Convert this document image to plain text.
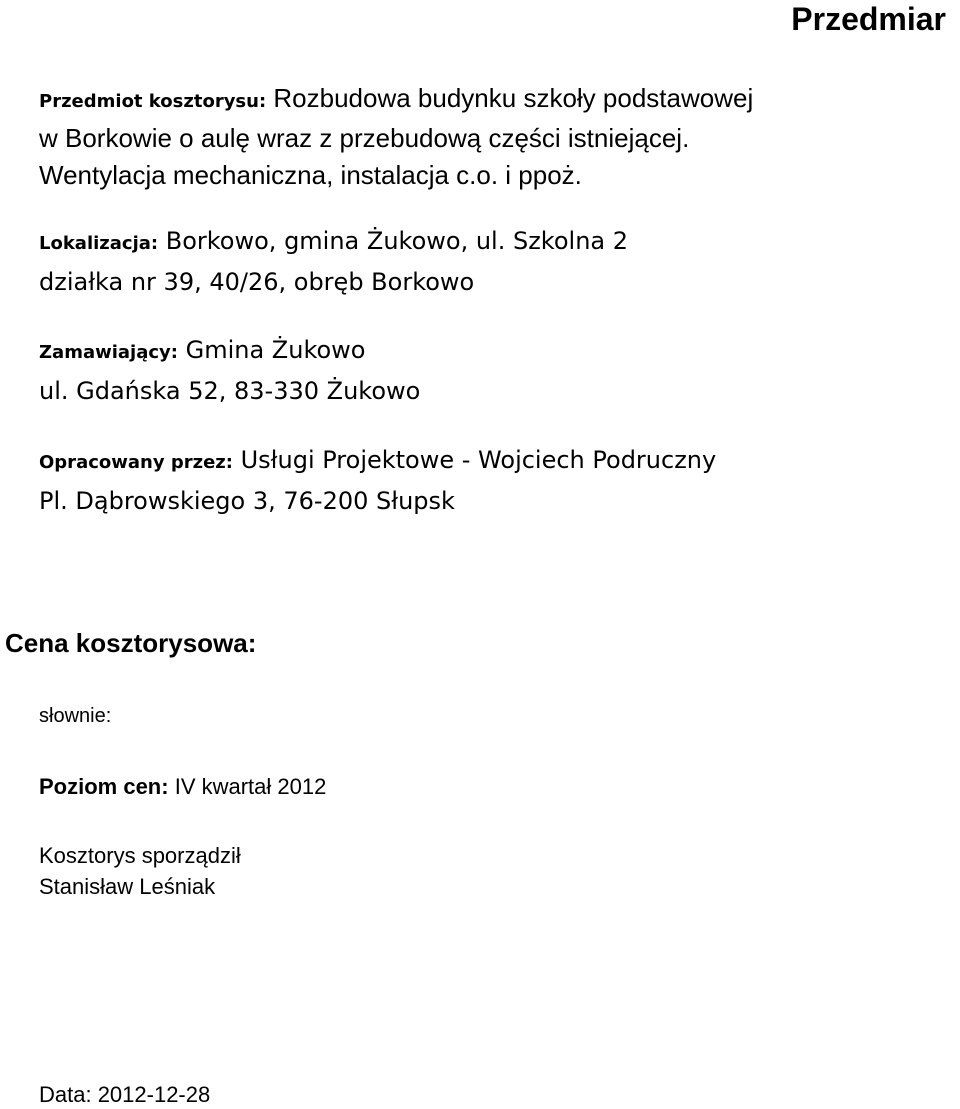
Przedmiar
Przedmiot kosztorysu: Rozbudowa budynku szkoły podstawowej
w Borkowie o aulę wraz z przebudową części istniejącej.
Wentylacja mechaniczna, instalacja c.o. i ppoż.
Lokalizacja: Borkowo, gmina Żukowo, ul. Szkolna 2
działka nr 39, 40/26, obręb Borkowo
Zamawiający: Gmina Żukowo
ul. Gdańska 52, 83-330 Żukowo
Opracowany przez: Usługi Projektowe - Wojciech Podruczny
Pl. Dąbrowskiego 3, 76-200 Słupsk
Cena kosztorysowa:
słownie:
Poziom cen: IV kwartał 2012
Kosztorys sporządził
Stanisław Leśniak
Data: 2012-12-28
